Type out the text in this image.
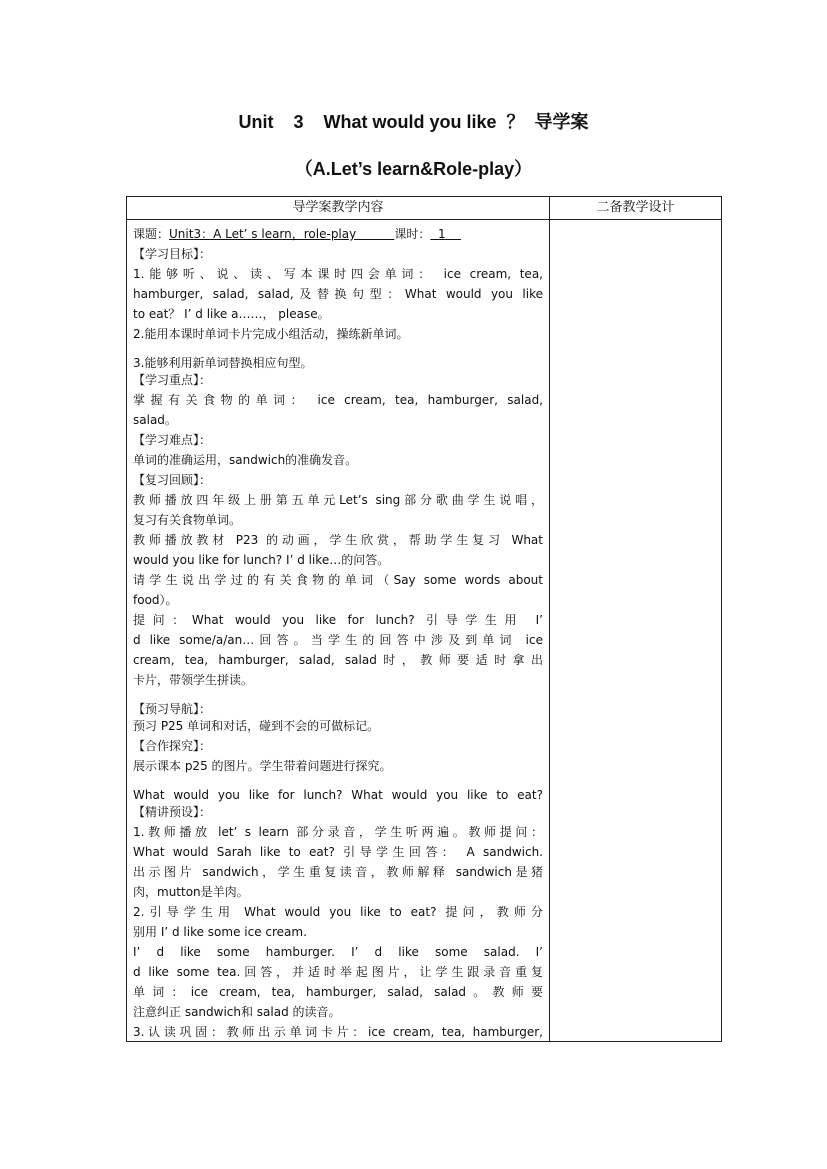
Unit    3    What would you like  ？  导学案
（A.Let’s learn&Role-play）
导学案教学内容	二备教学设计
课题：Unit3：A Let’ s learn，role-play	课时： 1
【学习目标】：
1.能够听、说、读、写本课时四会单词： ice cream, tea,
hamburger, salad, salad,及替换句型：What would you like
to eat？ I’ d like a……， please。
2.能用本课时单词卡片完成小组活动，操练新单词。
3.能够利用新单词替换相应句型。
【学习重点】：
掌握有关食物的单词： ice cream, tea, hamburger, salad,
salad。
【学习难点】：
单词的准确运用，sandwich的准确发音。
【复习回顾】：
教师播放四年级上册第五单元Let’s sing部分歌曲学生说唱，
复习有关食物单词。
教师播放教材 P23 的动画，学生欣赏，帮助学生复习 What
would you like for lunch? I’ d like…的问答。
请学生说出学过的有关食物的单词（Say some words about
food）。
提问：What would you like for lunch? 引导学生用 I’
d like some/a/an…回答。当学生的回答中涉及到单词 ice
cream, tea, hamburger, salad, salad时，教师要适时拿出
卡片，带领学生拼读。
【预习导航】：
预习 P25 单词和对话，碰到不会的可做标记。
【合作探究】：
展示课本 p25 的图片。学生带着问题进行探究。
What would you like for lunch? What would you like to eat?
【精讲预设】：
1.教师播放 let’ s learn 部分录音，学生听两遍。教师提问：
What would Sarah like to eat? 引导学生回答： A sandwich.
出示图片 sandwich，学生重复读音，教师解释 sandwich是猪
肉，mutton是羊肉。
2.引导学生用 What would you like to eat? 提问，教师分
别用 I’ d like some ice cream.
I’ d like some hamburger. I’ d like some salad. I’
d like some tea.回答，并适时举起图片，让学生跟录音重复
单词：ice cream, tea, hamburger, salad, salad。教师要
注意纠正 sandwich和 salad 的读音。
3.认读巩固：教师出示单词卡片：ice cream, tea, hamburger,
